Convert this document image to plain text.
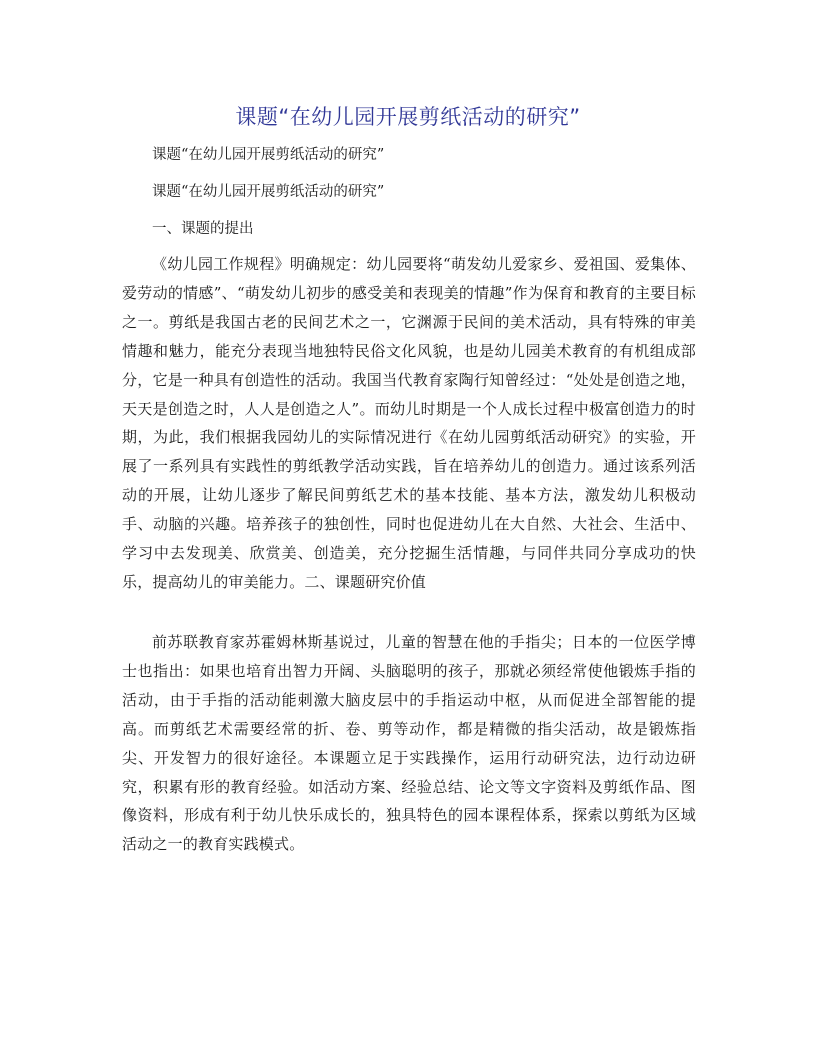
课题“在幼儿园开展剪纸活动的研究”

课题“在幼儿园开展剪纸活动的研究”

课题“在幼儿园开展剪纸活动的研究”

一、课题的提出

《幼儿园工作规程》明确规定：幼儿园要将“萌发幼儿爱家乡、爱祖国、爱集体、爱劳动的情感”、“萌发幼儿初步的感受美和表现美的情趣”作为保育和教育的主要目标之一。剪纸是我国古老的民间艺术之一，它渊源于民间的美术活动，具有特殊的审美情趣和魅力，能充分表现当地独特民俗文化风貌，也是幼儿园美术教育的有机组成部分，它是一种具有创造性的活动。我国当代教育家陶行知曾经过：“处处是创造之地，天天是创造之时，人人是创造之人”。而幼儿时期是一个人成长过程中极富创造力的时期，为此，我们根据我园幼儿的实际情况进行《在幼儿园剪纸活动研究》的实验，开展了一系列具有实践性的剪纸教学活动实践，旨在培养幼儿的创造力。通过该系列活动的开展，让幼儿逐步了解民间剪纸艺术的基本技能、基本方法，激发幼儿积极动手、动脑的兴趣。培养孩子的独创性，同时也促进幼儿在大自然、大社会、生活中、学习中去发现美、欣赏美、创造美，充分挖掘生活情趣，与同伴共同分享成功的快乐，提高幼儿的审美能力。二、课题研究价值

前苏联教育家苏霍姆林斯基说过，儿童的智慧在他的手指尖；日本的一位医学博士也指出：如果也培育出智力开阔、头脑聪明的孩子，那就必须经常使他锻炼手指的活动，由于手指的活动能刺激大脑皮层中的手指运动中枢，从而促进全部智能的提高。而剪纸艺术需要经常的折、卷、剪等动作，都是精微的指尖活动，故是锻炼指尖、开发智力的很好途径。本课题立足于实践操作，运用行动研究法，边行动边研究，积累有形的教育经验。如活动方案、经验总结、论文等文字资料及剪纸作品、图像资料，形成有利于幼儿快乐成长的，独具特色的园本课程体系，探索以剪纸为区域活动之一的教育实践模式。
